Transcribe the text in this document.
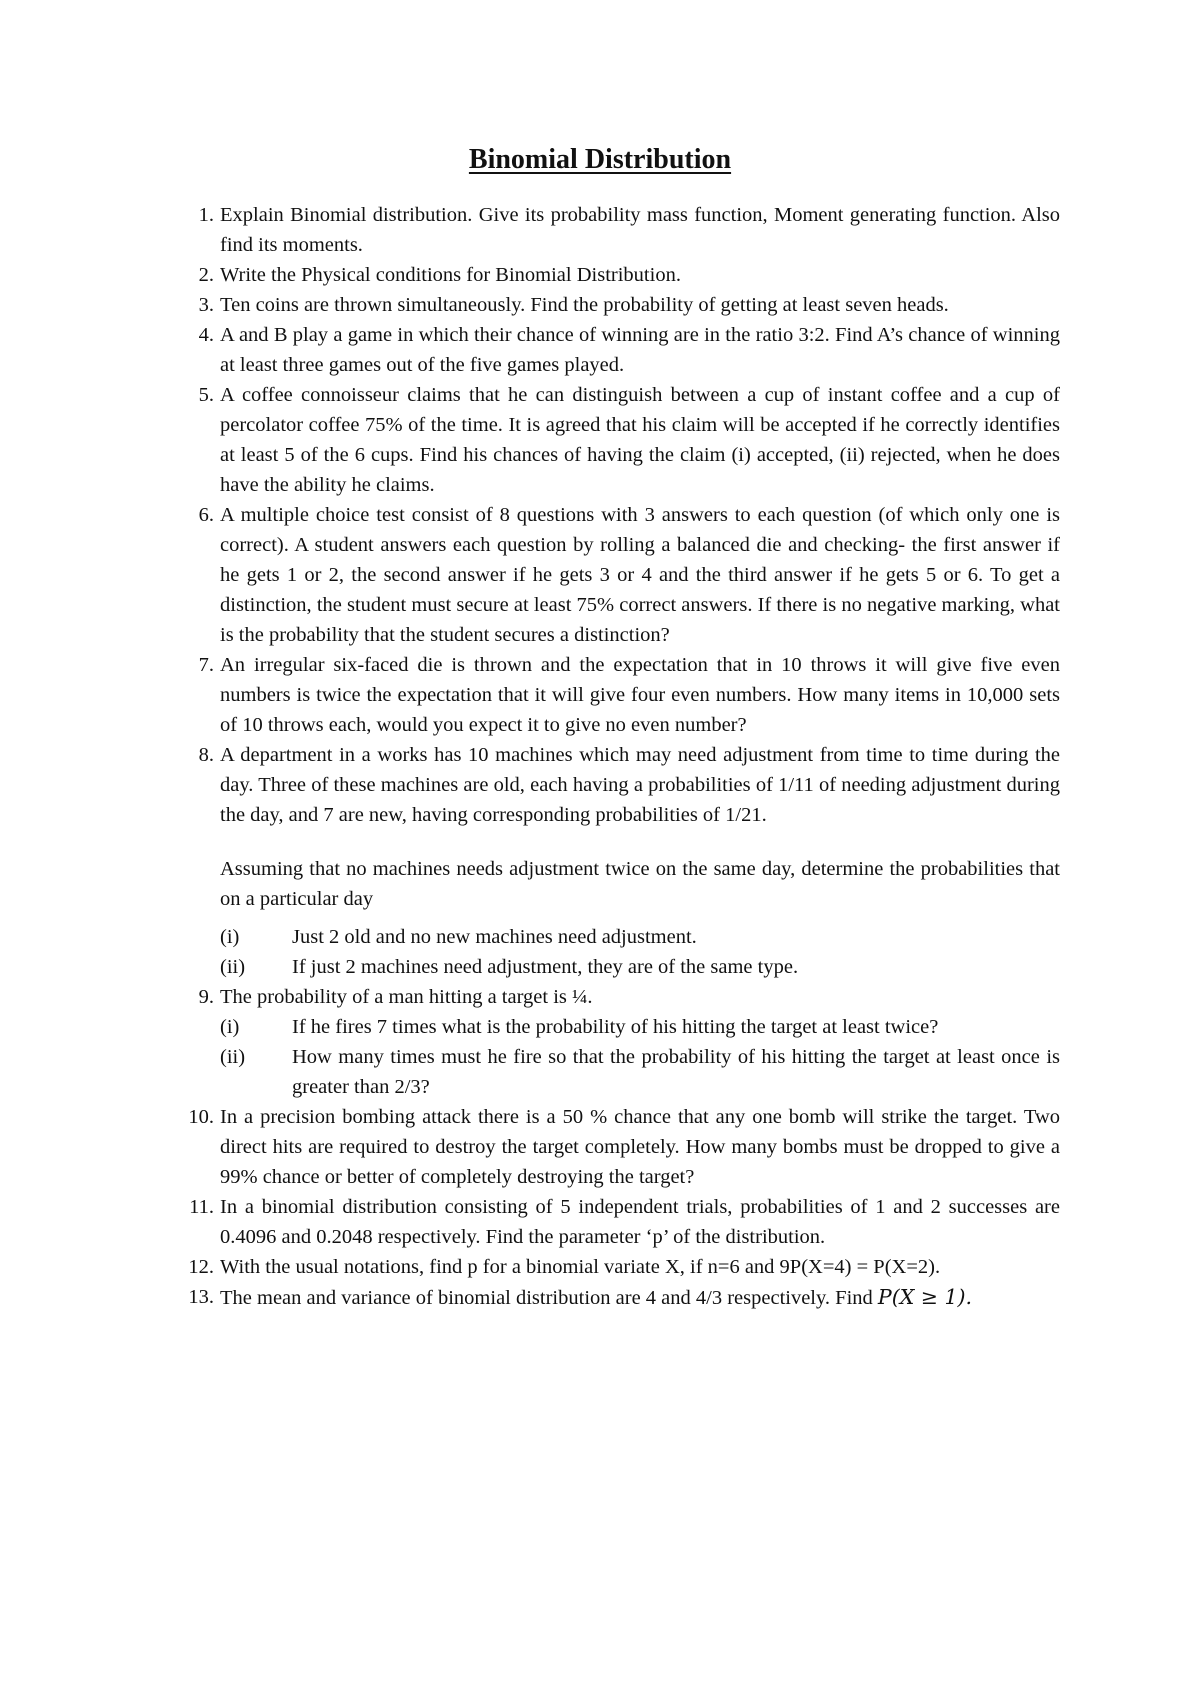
Binomial Distribution
1. Explain Binomial distribution. Give its probability mass function, Moment generating function. Also find its moments.
2. Write the Physical conditions for Binomial Distribution.
3. Ten coins are thrown simultaneously. Find the probability of getting at least seven heads.
4. A and B play a game in which their chance of winning are in the ratio 3:2. Find A’s chance of winning at least three games out of the five games played.
5. A coffee connoisseur claims that he can distinguish between a cup of instant coffee and a cup of percolator coffee 75% of the time. It is agreed that his claim will be accepted if he correctly identifies at least 5 of the 6 cups. Find his chances of having the claim (i) accepted, (ii) rejected, when he does have the ability he claims.
6. A multiple choice test consist of 8 questions with 3 answers to each question (of which only one is correct). A student answers each question by rolling a balanced die and checking- the first answer if he gets 1 or 2, the second answer if he gets 3 or 4 and the third answer if he gets 5 or 6. To get a distinction, the student must secure at least 75% correct answers. If there is no negative marking, what is the probability that the student secures a distinction?
7. An irregular six-faced die is thrown and the expectation that in 10 throws it will give five even numbers is twice the expectation that it will give four even numbers. How many items in 10,000 sets of 10 throws each, would you expect it to give no even number?
8. A department in a works has 10 machines which may need adjustment from time to time during the day. Three of these machines are old, each having a probabilities of 1/11 of needing adjustment during the day, and 7 are new, having corresponding probabilities of 1/21.
Assuming that no machines needs adjustment twice on the same day, determine the probabilities that on a particular day
(i)	Just 2 old and no new machines need adjustment.
(ii) If just 2 machines need adjustment, they are of the same type.
9. The probability of a man hitting a target is ¼.
(i)	If he fires 7 times what is the probability of his hitting the target at least twice?
(ii) How many times must he fire so that the probability of his hitting the target at least once is greater than 2/3?
10. In a precision bombing attack there is a 50 % chance that any one bomb will strike the target. Two direct hits are required to destroy the target completely. How many bombs must be dropped to give a 99% chance or better of completely destroying the target?
11. In a binomial distribution consisting of 5 independent trials, probabilities of 1 and 2 successes are 0.4096 and 0.2048 respectively. Find the parameter ‘p’ of the distribution.
12. With the usual notations, find p for a binomial variate X, if n=6 and 9P(X=4) = P(X=2).
13. The mean and variance of binomial distribution are 4 and 4/3 respectively. Find P(X ≥ 1).
